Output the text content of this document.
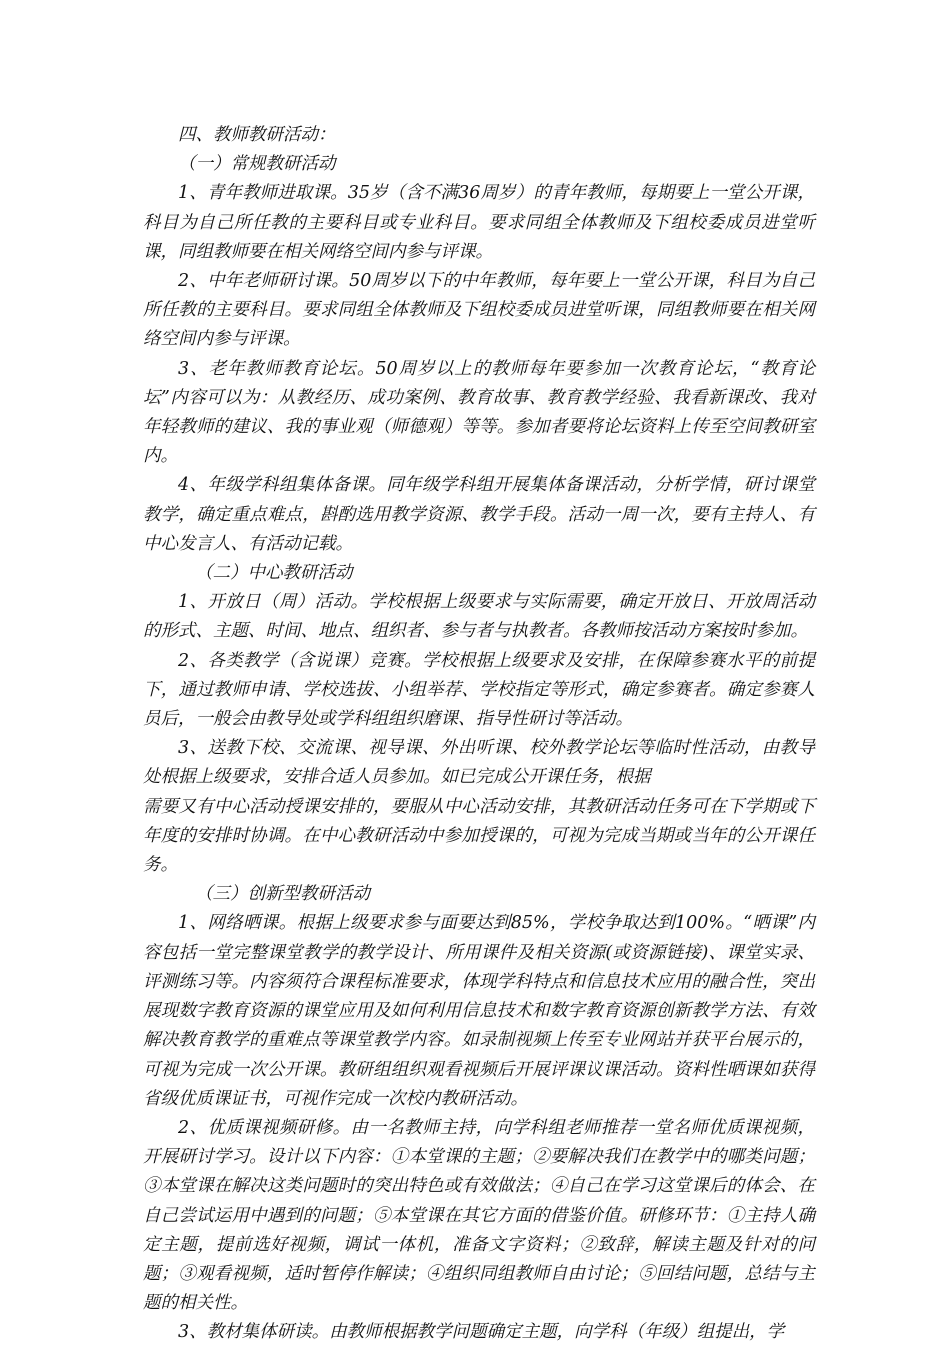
四、教师教研活动：

（一）常规教研活动

1、青年教师进取课。35岁（含不满36周岁）的青年教师，每期要上一堂公开课，科目为自己所任教的主要科目或专业科目。要求同组全体教师及下组校委成员进堂听课，同组教师要在相关网络空间内参与评课。

2、中年老师研讨课。50周岁以下的中年教师，每年要上一堂公开课，科目为自己所任教的主要科目。要求同组全体教师及下组校委成员进堂听课，同组教师要在相关网络空间内参与评课。

3、老年教师教育论坛。50周岁以上的教师每年要参加一次教育论坛，“教育论坛”内容可以为：从教经历、成功案例、教育故事、教育教学经验、我看新课改、我对年轻教师的建议、我的事业观（师德观）等等。参加者要将论坛资料上传至空间教研室内。

4、年级学科组集体备课。同年级学科组开展集体备课活动，分析学情，研讨课堂教学，确定重点难点，斟酌选用教学资源、教学手段。活动一周一次，要有主持人、有中心发言人、有活动记载。

（二）中心教研活动

1、开放日（周）活动。学校根据上级要求与实际需要，确定开放日、开放周活动的形式、主题、时间、地点、组织者、参与者与执教者。各教师按活动方案按时参加。

2、各类教学（含说课）竞赛。学校根据上级要求及安排，在保障参赛水平的前提下，通过教师申请、学校选拔、小组举荐、学校指定等形式，确定参赛者。确定参赛人员后，一般会由教导处或学科组组织磨课、指导性研讨等活动。

3、送教下校、交流课、视导课、外出听课、校外教学论坛等临时性活动，由教导处根据上级要求，安排合适人员参加。如已完成公开课任务，根据

需要又有中心活动授课安排的，要服从中心活动安排，其教研活动任务可在下学期或下年度的安排时协调。在中心教研活动中参加授课的，可视为完成当期或当年的公开课任务。

（三）创新型教研活动

1、网络晒课。根据上级要求参与面要达到85%，学校争取达到100%。“晒课”内容包括一堂完整课堂教学的教学设计、所用课件及相关资源(或资源链接)、课堂实录、评测练习等。内容须符合课程标准要求，体现学科特点和信息技术应用的融合性，突出展现数字教育资源的课堂应用及如何利用信息技术和数字教育资源创新教学方法、有效解决教育教学的重难点等课堂教学内容。如录制视频上传至专业网站并获平台展示的，可视为完成一次公开课。教研组组织观看视频后开展评课议课活动。资料性晒课如获得省级优质课证书，可视作完成一次校内教研活动。

2、优质课视频研修。由一名教师主持，向学科组老师推荐一堂名师优质课视频，开展研讨学习。设计以下内容：①本堂课的主题；②要解决我们在教学中的哪类问题；③本堂课在解决这类问题时的突出特色或有效做法；④自己在学习这堂课后的体会、在自己尝试运用中遇到的问题；⑤本堂课在其它方面的借鉴价值。研修环节：①主持人确定主题，提前选好视频，调试一体机，准备文字资料；②致辞，解读主题及针对的问题；③观看视频，适时暂停作解读；④组织同组教师自由讨论；⑤回结问题，总结与主题的相关性。

3、教材集体研读。由教师根据教学问题确定主题，向学科（年级）组提出，学
